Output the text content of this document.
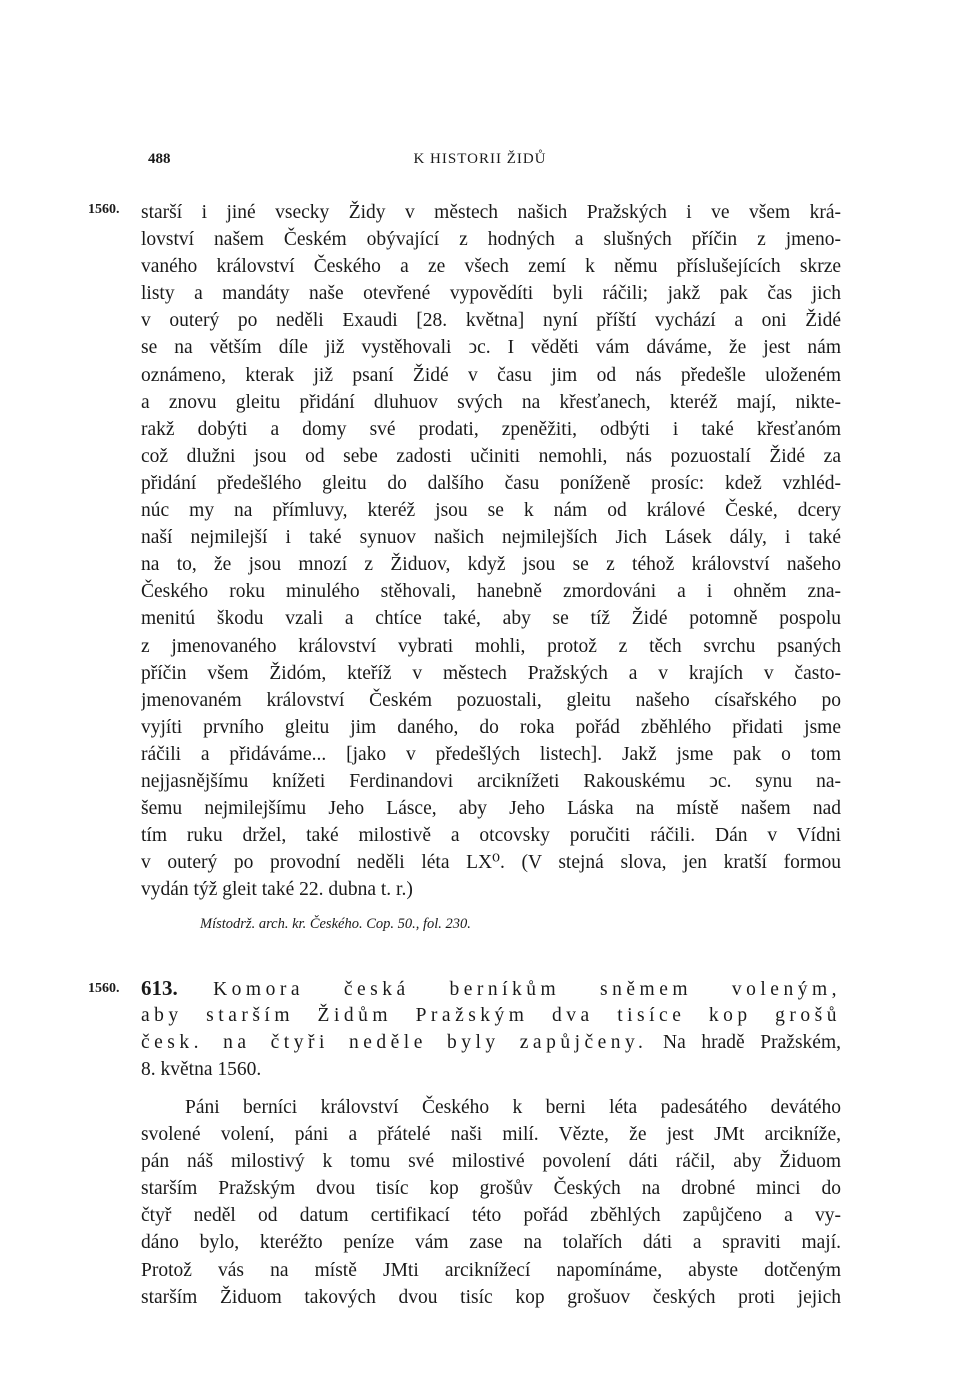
488	K HISTORII ŽIDŮ
1560. starší i jiné vsecky Židy v městech našich Pražských i ve všem krá-
lovství našem Českém obývající z hodných a slušných příčin z jmeno-
vaného království Českého a ze všech zemí k němu příslušejících skrze
listy a mandáty naše otevřené vypovědíti byli ráčili; jakž pak čas jich
v outerý po neděli Exaudi [28. května] nyní příští vychází a oni Židé
se na větším díle již vystěhovali ↄc. I věděti vám dáváme, že jest nám
oznámeno, kterak již psaní Židé v času jim od nás předešle uloženém
a znovu gleitu přidání dluhuov svých na křesťanech, kteréž mají, nikte-
rakž dobýti a domy své prodati, zpeněžiti, odbýti i také křesťanóm
což dlužni jsou od sebe zadosti učiniti nemohli, nás pozuostalí Židé za
přidání předešlého gleitu do dalšího času poníženě prosíc: kdež vzhléd-
núc my na přímluvy, kteréž jsou se k nám od králové České, dcery
naší nejmilejší i také synuov našich nejmilejších Jich Lásek dály, i také
na to, že jsou mnozí z Židuov, když jsou se z téhož království našeho
Českého roku minulého stěhovali, hanebně zmordováni a i ohněm zna-
menitú škodu vzali a chtíce také, aby se tíž Židé potomně pospolu
z jmenovaného království vybrati mohli, protož z těch svrchu psaných
příčin všem Židóm, kteříž v městech Pražských a v krajích v často-
jmenovaném království Českém pozuostali, gleitu našeho císařského po
vyjíti prvního gleitu jim daného, do roka pořád zběhlého přidati jsme
ráčili a přidáváme... [jako v předešlých listech]. Jakž jsme pak o tom
nejjasnějšímu knížeti Ferdinandovi arciknížeti Rakouskému ↄc. synu na-
šemu nejmilejšímu Jeho Lásce, aby Jeho Láska na místě našem nad
tím ruku držel, také milostivě a otcovsky poručiti ráčili. Dán v Vídni
v outerý po provodní neděli léta LX⁰. (V stejná slova, jen kratší formou
vydán týž gleit také 22. dubna t. r.)
Místodrž. arch. kr. Českého. Cop. 50., fol. 230.
1560. 613. Komora česká berníkům sněmem voleným,
aby starším Židům Pražským dva tisíce kop grošů
česk. na čtyři neděle byly zapůjčeny. Na hradě Pražském,
8. května 1560.
Páni berníci království Českého k berni léta padesátého devátého
svolené volení, páni a přátelé naši milí. Vězte, že jest JMt arcikníže,
pán náš milostivý k tomu své milostivé povolení dáti ráčil, aby Židuom
starším Pražským dvou tisíc kop grošův Českých na drobné minci do
čtyř neděl od datum certifikací této pořád zběhlých zapůjčeno a vy-
dáno bylo, kteréžto peníze vám zase na tolařích dáti a spraviti mají.
Protož vás na místě JMti arciknížecí napomínáme, abyste dotčeným
starším Židuom takových dvou tisíc kop grošuov českých proti jejich
